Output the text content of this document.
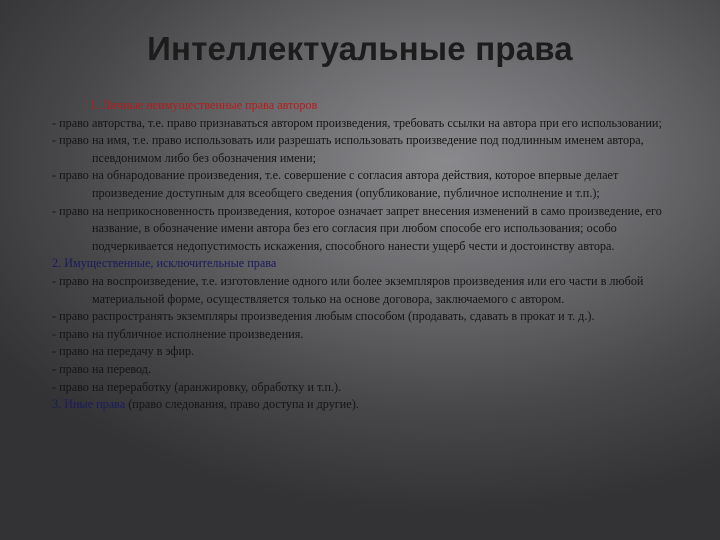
Интеллектуальные права

1. Личные неимущественные права авторов

- право авторства, т.е. право признаваться автором произведения, требовать ссылки на автора при его использовании;

- право на имя, т.е. право использовать или разрешать использовать произведение под подлинным именем автора, псевдонимом либо без обозначения имени;

- право на обнародование произведения, т.е. совершение с согласия автора действия, которое впервые делает произведение доступным для всеобщего сведения (опубликование, публичное исполнение и т.п.);

- право на неприкосновенность произведения, которое означает запрет внесения изменений в само произведение, его название, в обозначение имени автора без его согласия при любом способе его использования; особо подчеркивается недопустимость искажения, способного нанести ущерб чести и достоинству автора.

2. Имущественные, исключительные права

- право на воспроизведение, т.е. изготовление одного или более экземпляров произведения или его части в любой материальной форме, осуществляется только на основе договора, заключаемого с автором.

- право распространять экземпляры произведения любым способом (продавать, сдавать в прокат и т. д.).

- право на публичное исполнение произведения.

- право на передачу в эфир.

- право на перевод.

- право на переработку (аранжировку, обработку и т.п.).

3. Иные права (право следования, право доступа и другие).
